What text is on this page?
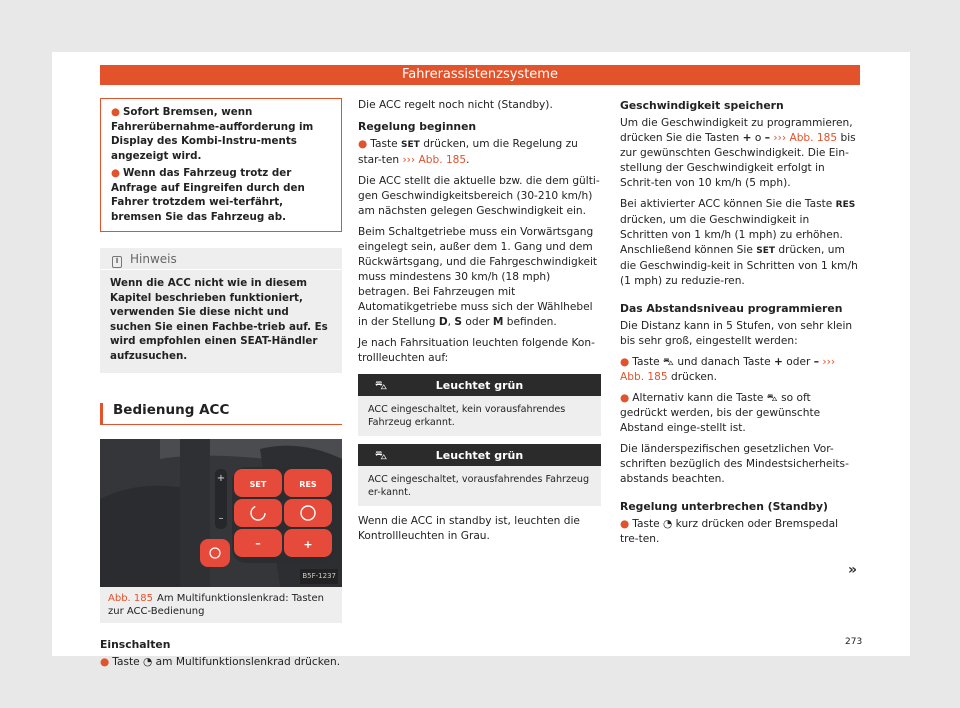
Fahrerassistenzsysteme

● Sofort Bremsen, wenn Fahrerübernahme-aufforderung im Display des Kombi-Instru-ments angezeigt wird.

● Wenn das Fahrzeug trotz der Anfrage auf Eingreifen durch den Fahrer trotzdem wei-terfährt, bremsen Sie das Fahrzeug ab.

i Hinweis
Wenn die ACC nicht wie in diesem Kapitel beschrieben funktioniert, verwenden Sie diese nicht und suchen Sie einen Fachbe-trieb auf. Es wird empfohlen einen SEAT-Händler aufzusuchen.
Bedienung ACC
SET	RES
–	+
+
–
B5F-1237
Abb. 185 Am Multifunktionslenkrad: Tasten zur ACC-Bedienung
Einschalten

● Taste ◔ am Multifunktionslenkrad drücken.

Die ACC regelt noch nicht (Standby).

Regelung beginnen

● Taste SET drücken, um die Regelung zu star-ten ››› Abb. 185.

Die ACC stellt die aktuelle bzw. die dem gülti-gen Geschwindigkeitsbereich (30-210 km/h) am nächsten gelegen Geschwindigkeit ein.

Beim Schaltgetriebe muss ein Vorwärtsgang eingelegt sein, außer dem 1. Gang und dem Rückwärtsgang, und die Fahrgeschwindigkeit muss mindestens 30 km/h (18 mph) betragen. Bei Fahrzeugen mit Automatikgetriebe muss sich der Wählhebel in der Stellung D, S oder M befinden.

Je nach Fahrsituation leuchten folgende Kon-trollleuchten auf:

⛍	Leuchtet grün
ACC eingeschaltet, kein vorausfahrendes Fahrzeug erkannt.
⛍	Leuchtet grün
ACC eingeschaltet, vorausfahrendes Fahrzeug er-kannt.

Wenn die ACC in standby ist, leuchten die Kontrollleuchten in Grau.

Geschwindigkeit speichern

Um die Geschwindigkeit zu programmieren, drücken Sie die Tasten + o – ››› Abb. 185 bis zur gewünschten Geschwindigkeit. Die Ein-stellung der Geschwindigkeit erfolgt in Schrit-ten von 10 km/h (5 mph).

Bei aktivierter ACC können Sie die Taste RES drücken, um die Geschwindigkeit in Schritten von 1 km/h (1 mph) zu erhöhen. Anschließend können Sie SET drücken, um die Geschwindig-keit in Schritten von 1 km/h (1 mph) zu reduzie-ren.

Das Abstandsniveau programmieren

Die Distanz kann in 5 Stufen, von sehr klein bis sehr groß, eingestellt werden:

● Taste ⛍ und danach Taste + oder – ››› Abb. 185 drücken.

● Alternativ kann die Taste ⛍ so oft gedrückt werden, bis der gewünschte Abstand einge-stellt ist.

Die länderspezifischen gesetzlichen Vor-schriften bezüglich des Mindestsicherheits-abstands beachten.

Regelung unterbrechen (Standby)

● Taste ◔ kurz drücken oder Bremspedal tre-ten.

»
273
